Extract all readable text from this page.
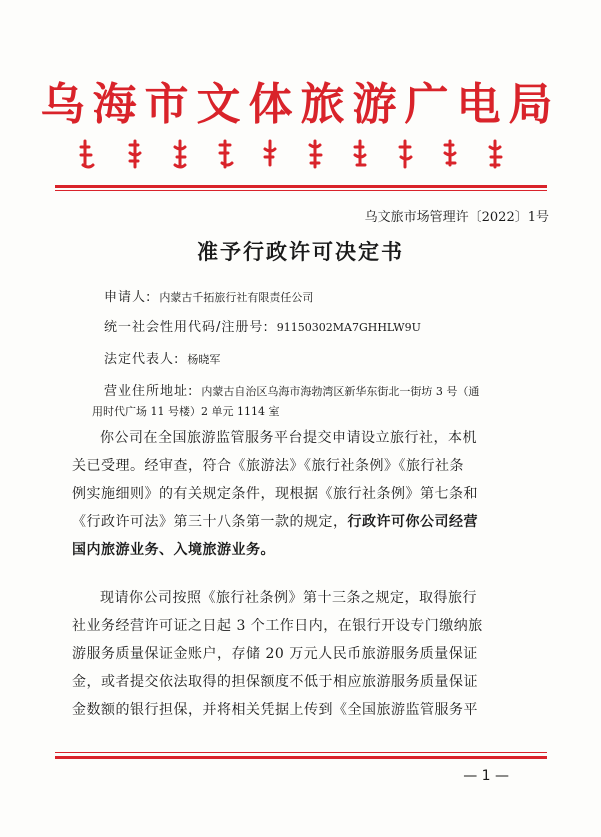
乌海市文体旅游广电局
乌文旅市场管理许〔2022〕1号
准予行政许可决定书
申请人: 内蒙古千拓旅行社有限责任公司
统一社会性用代码/注册号: 91150302MA7GHHLW9U
法定代表人: 杨晓军
营业住所地址: 内蒙古自治区乌海市海勃湾区新华东街北一街坊 3 号（通
用时代广场 11 号楼）2 单元 1114 室
你公司在全国旅游监管服务平台提交申请设立旅行社，本机
关已受理。经审查，符合《旅游法》《旅行社条例》《旅行社条
例实施细则》的有关规定条件，现根据《旅行社条例》第七条和
《行政许可法》第三十八条第一款的规定，行政许可你公司经营
国内旅游业务、入境旅游业务。
现请你公司按照《旅行社条例》第十三条之规定，取得旅行
社业务经营许可证之日起 3 个工作日内，在银行开设专门缴纳旅
游服务质量保证金账户，存储 20 万元人民币旅游服务质量保证
金，或者提交依法取得的担保额度不低于相应旅游服务质量保证
金数额的银行担保，并将相关凭据上传到《全国旅游监管服务平
— 1 —
